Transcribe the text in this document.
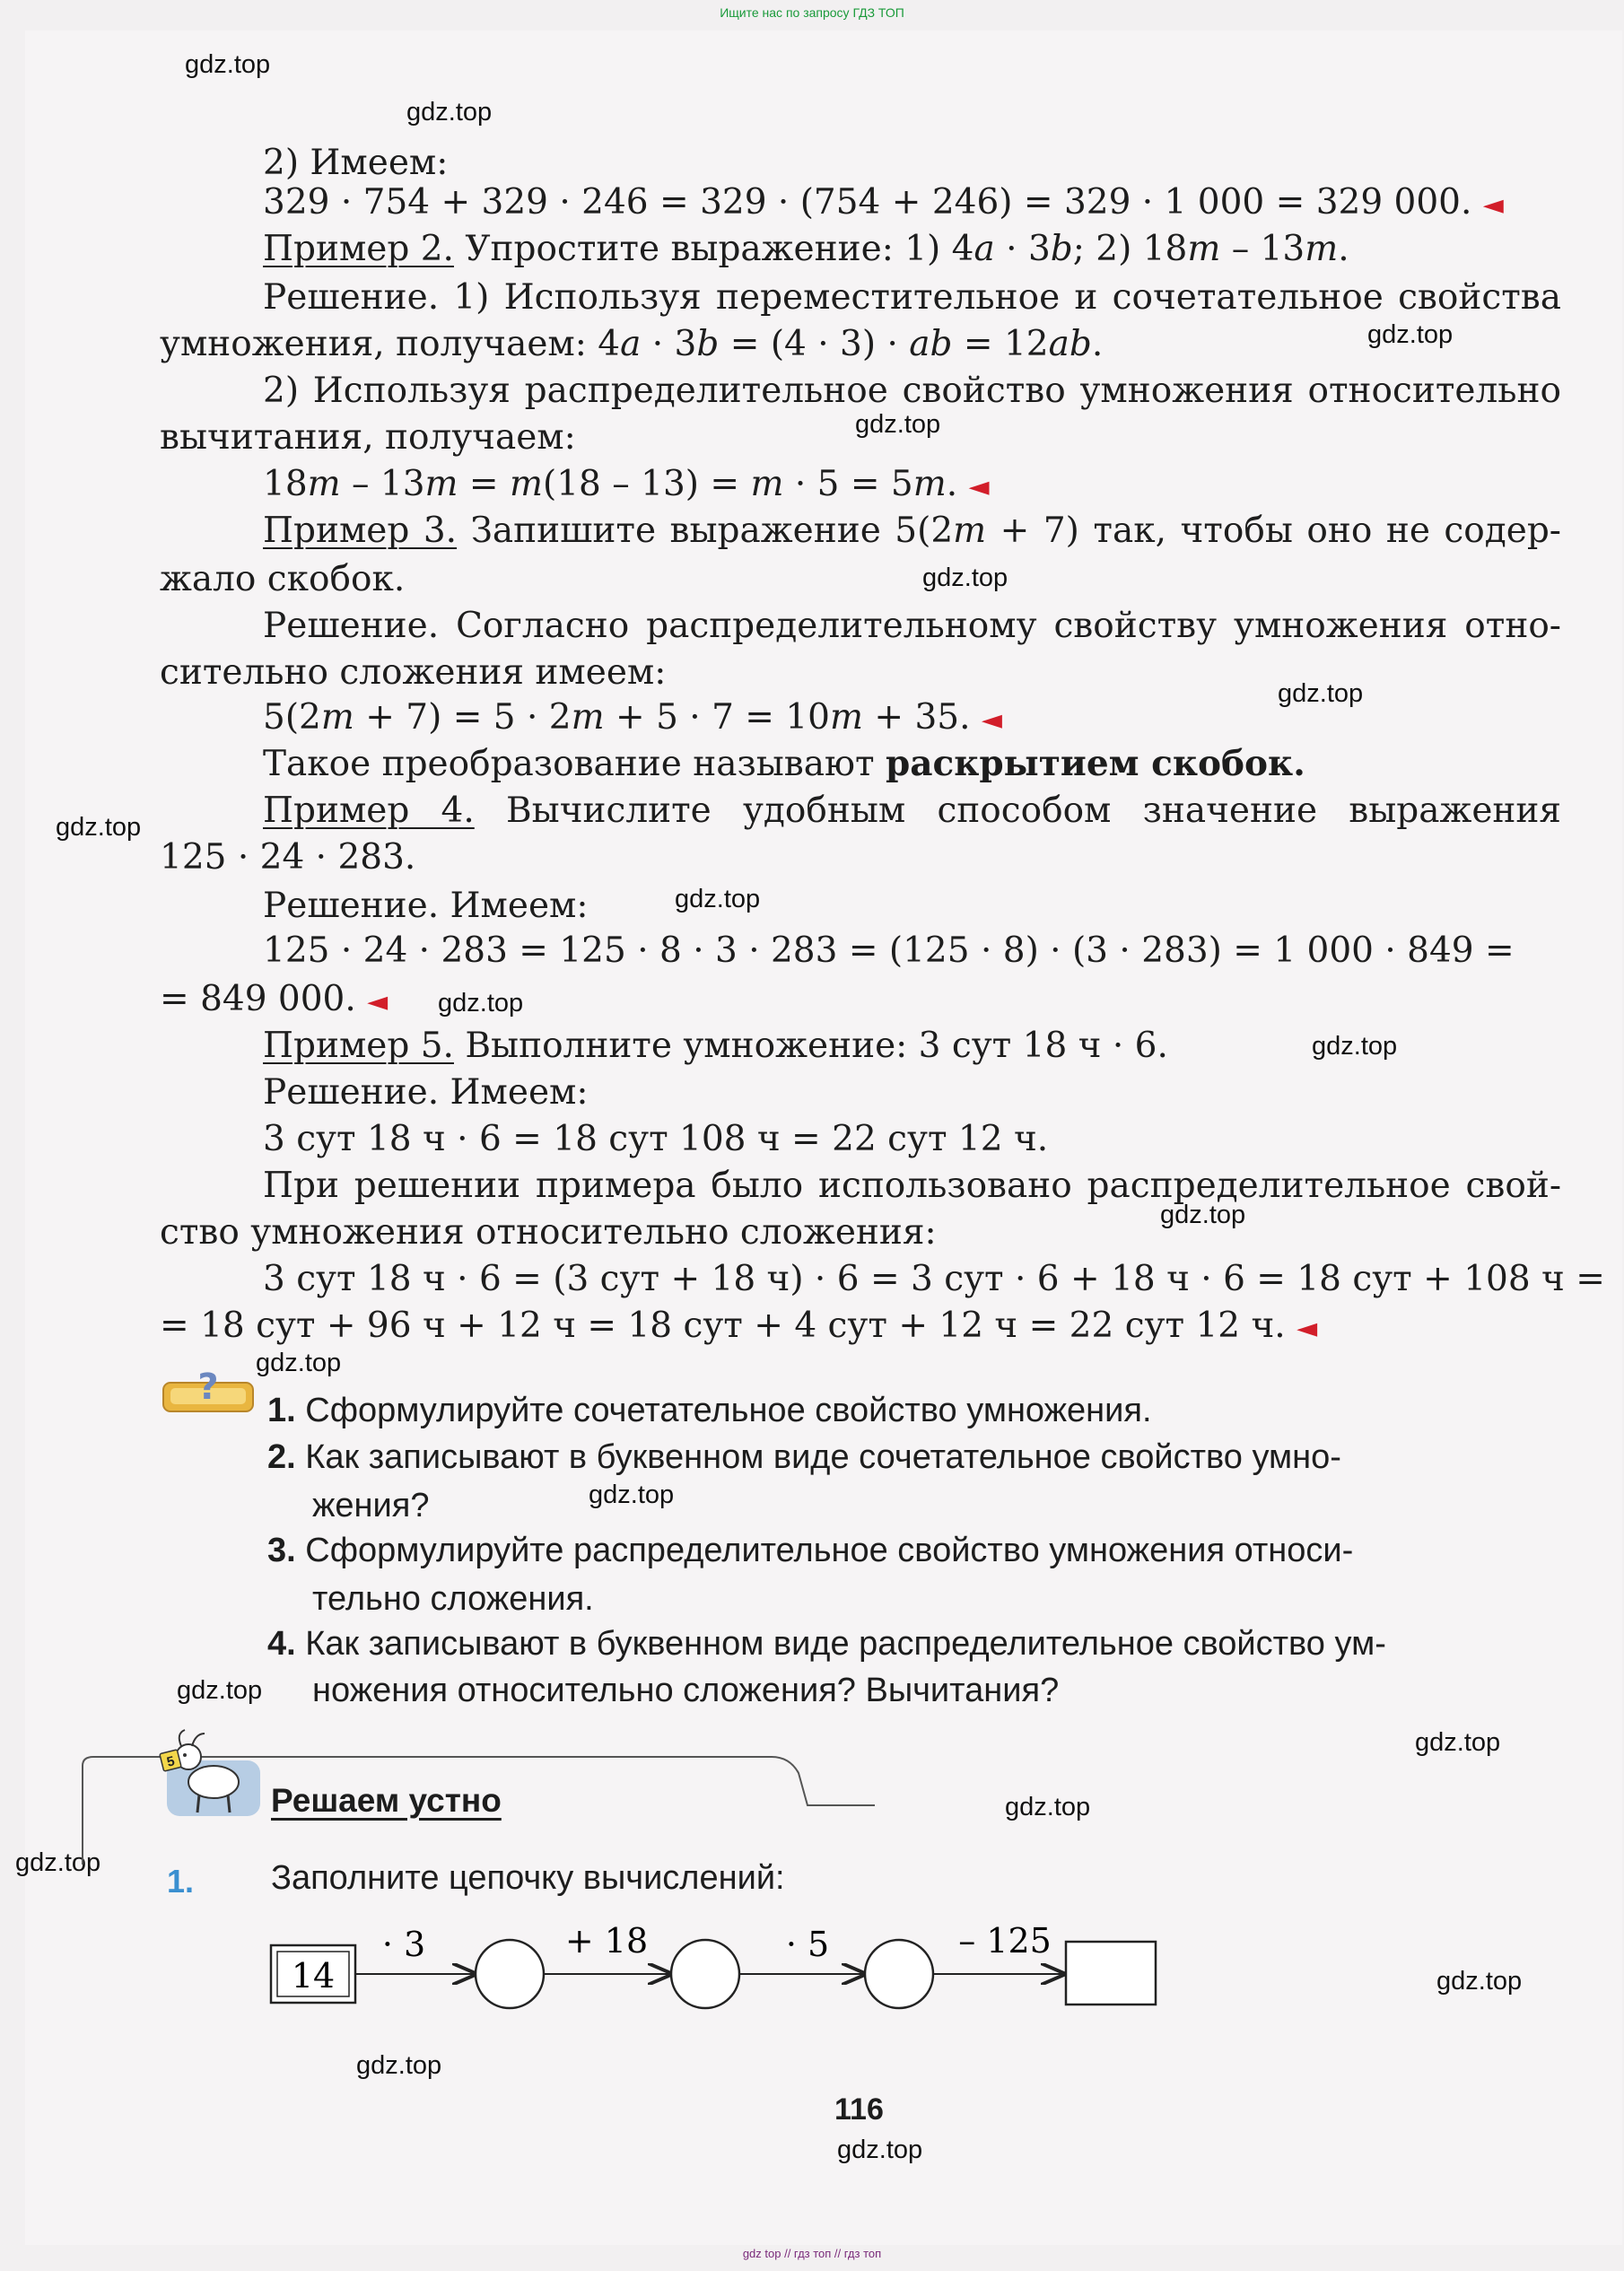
Ищите нас по запросу ГДЗ ТОП
gdz.top
gdz.top
gdz.top
gdz.top
gdz.top
gdz.top
gdz.top
gdz.top
gdz.top
gdz.top
gdz.top
gdz.top
gdz.top
gdz.top
gdz.top
gdz.top
gdz.top
gdz.top
gdz.top
gdz.top
2) Имеем:
329 · 754 + 329 · 246 = 329 · (754 + 246) = 329 · 1 000 = 329 000. ◄
Пример 2. Упростите выражение: 1) 4a · 3b; 2) 18m – 13m.
Решение. 1) Используя переместительное и сочетательное свойства
умножения, получаем: 4a · 3b = (4 · 3) · ab = 12ab.
2) Используя распределительное свойство умножения относительно
вычитания, получаем:
18m – 13m = m(18 – 13) = m · 5 = 5m. ◄
Пример 3. Запишите выражение 5(2m + 7) так, чтобы оно не содер-
жало скобок.
Решение. Согласно распределительному свойству умножения отно-
сительно сложения имеем:
5(2m + 7) = 5 · 2m + 5 · 7 = 10m + 35. ◄
Такое преобразование называют раскрытием скобок.
Пример 4. Вычислите удобным способом значение выражения
125 · 24 · 283.
Решение. Имеем:
125 · 24 · 283 = 125 · 8 · 3 · 283 = (125 · 8) · (3 · 283) = 1 000 · 849 =
= 849 000. ◄
Пример 5. Выполните умножение: 3 сут 18 ч · 6.
Решение. Имеем:
3 сут 18 ч · 6 = 18 сут 108 ч = 22 сут 12 ч.
При решении примера было использовано распределительное свой-
ство умножения относительно сложения:
3 сут 18 ч · 6 = (3 сут + 18 ч) · 6 = 3 сут · 6 + 18 ч · 6 = 18 сут + 108 ч =
= 18 сут + 96 ч + 12 ч = 18 сут + 4 сут + 12 ч = 22 сут 12 ч. ◄
?
1. Сформулируйте сочетательное свойство умножения.
2. Как записывают в буквенном виде сочетательное свойство умно-
жения?
3. Сформулируйте распределительное свойство умножения относи-
тельно сложения.
4. Как записывают в буквенном виде распределительное свойство ум-
ножения относительно сложения? Вычитания?
5
Решаем устно
1. Заполните цепочку вычислений:
14
· 3	+ 18	· 5	– 125
116
gdz top // гдз топ // гдз топ
